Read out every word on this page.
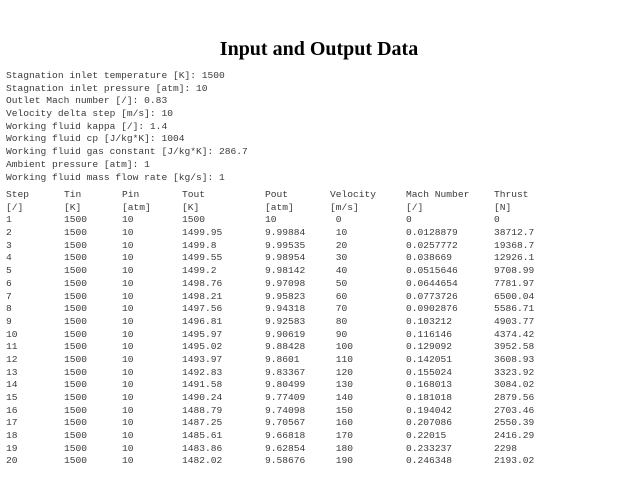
Input and Output Data
Stagnation inlet temperature [K]: 1500
Stagnation inlet pressure [atm]: 10
Outlet Mach number [/]: 0.83
Velocity delta step [m/s]: 10
Working fluid kappa [/]: 1.4
Working fluid cp [J/kg*K]: 1004
Working fluid gas constant [J/kg*K]: 286.7
Ambient pressure [atm]: 1
Working fluid mass flow rate [kg/s]: 1
Step	Tin	Pin	Tout	Pout	Velocity	Mach Number	Thrust
[/]	[K]	[atm]	[K]	[atm]	[m/s]	[/]	[N]
1	1500	10	1500	10	0	0	0
2	1500	10	1499.95	9.99884	10	0.0128879	38712.7
3	1500	10	1499.8	9.99535	20	0.0257772	19368.7
4	1500	10	1499.55	9.98954	30	0.038669	12926.1
5	1500	10	1499.2	9.98142	40	0.0515646	9708.99
6	1500	10	1498.76	9.97098	50	0.0644654	7781.97
7	1500	10	1498.21	9.95823	60	0.0773726	6500.04
8	1500	10	1497.56	9.94318	70	0.0902876	5586.71
9	1500	10	1496.81	9.92583	80	0.103212	4903.77
10	1500	10	1495.97	9.90619	90	0.116146	4374.42
11	1500	10	1495.02	9.88428	100	0.129092	3952.58
12	1500	10	1493.97	9.8601	110	0.142051	3608.93
13	1500	10	1492.83	9.83367	120	0.155024	3323.92
14	1500	10	1491.58	9.80499	130	0.168013	3084.02
15	1500	10	1490.24	9.77409	140	0.181018	2879.56
16	1500	10	1488.79	9.74098	150	0.194042	2703.46
17	1500	10	1487.25	9.70567	160	0.207086	2550.39
18	1500	10	1485.61	9.66818	170	0.22015	2416.29
19	1500	10	1483.86	9.62854	180	0.233237	2298
20	1500	10	1482.02	9.58676	190	0.246348	2193.02
